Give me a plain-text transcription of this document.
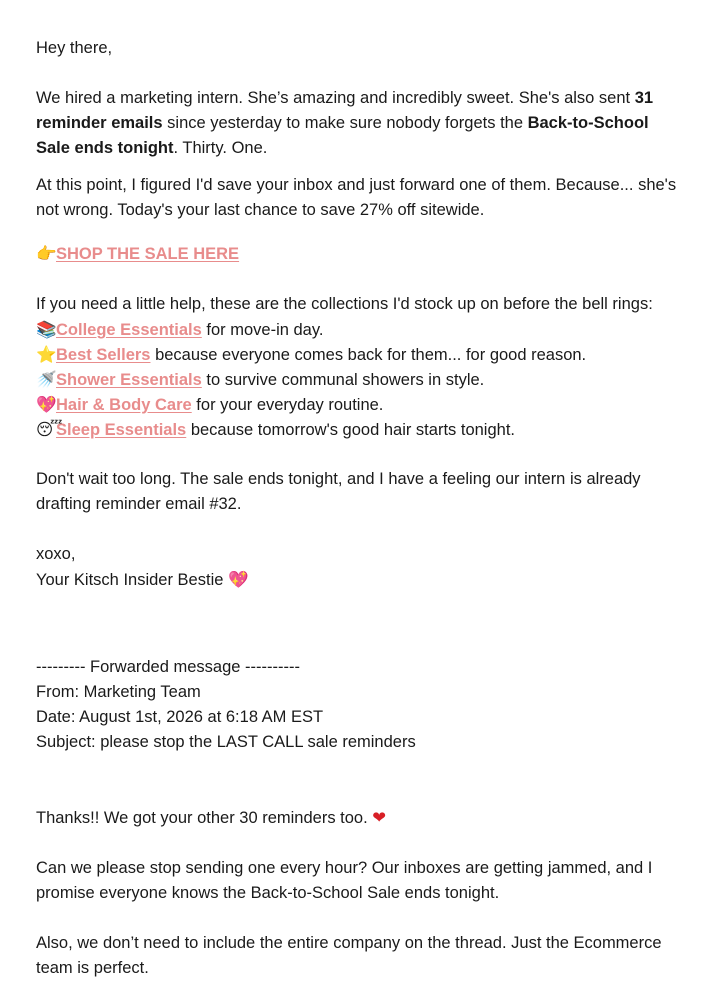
Hey there,

We hired a marketing intern. She’s amazing and incredibly sweet. She's also sent 31 reminder emails since yesterday to make sure nobody forgets the Back-to-School Sale ends tonight. Thirty. One.

At this point, I figured I'd save your inbox and just forward one of them. Because... she's not wrong. Today's your last chance to save 27% off sitewide.

👉SHOP THE SALE HERE

If you need a little help, these are the collections I'd stock up on before the bell rings:

📚College Essentials for move-in day.
⭐Best Sellers because everyone comes back for them... for good reason.
🚿Shower Essentials to survive communal showers in style.
💖Hair & Body Care for your everyday routine.
😴Sleep Essentials because tomorrow's good hair starts tonight.

Don't wait too long. The sale ends tonight, and I have a feeling our intern is already drafting reminder email #32.

xoxo,

Your Kitsch Insider Bestie 💖

--------- Forwarded message ----------

From: Marketing Team

Date: August 1st, 2026 at 6:18 AM EST

Subject: please stop the LAST CALL sale reminders

Thanks!! We got your other 30 reminders too. ❤

Can we please stop sending one every hour? Our inboxes are getting jammed, and I promise everyone knows the Back-to-School Sale ends tonight.

Also, we don’t need to include the entire company on the thread. Just the Ecommerce team is perfect.
